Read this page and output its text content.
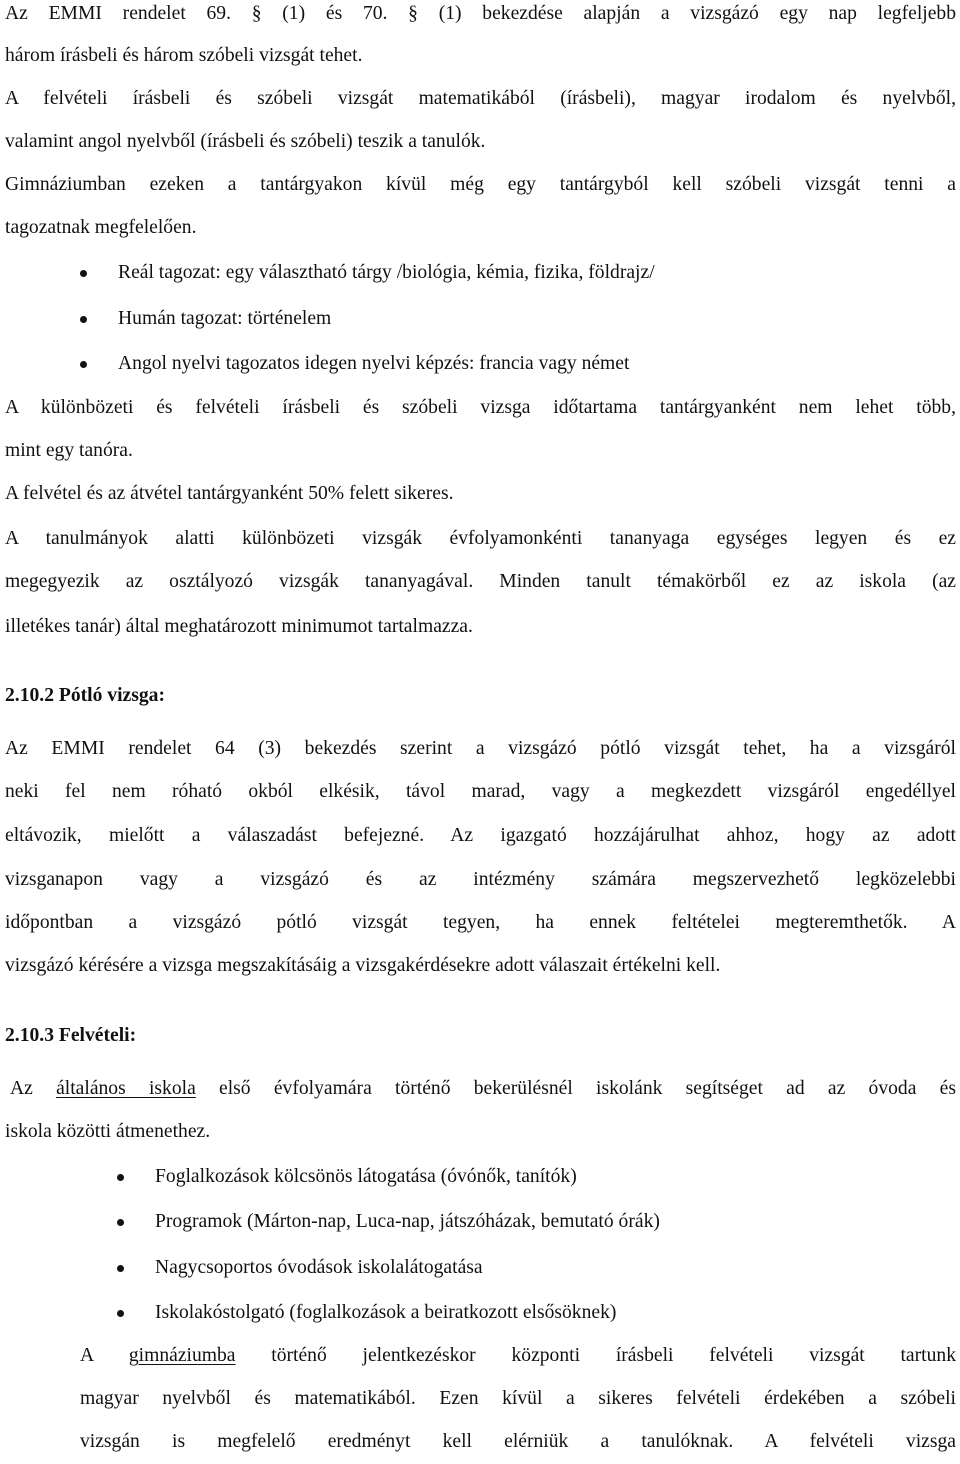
Az EMMI rendelet 69. § (1) és 70. § (1) bekezdése alapján a vizsgázó egy nap legfeljebb
három írásbeli és három szóbeli vizsgát tehet.
A felvételi írásbeli és szóbeli vizsgát matematikából (írásbeli), magyar irodalom és nyelvből,
valamint angol nyelvből (írásbeli és szóbeli) teszik a tanulók.
Gimnáziumban ezeken a tantárgyakon kívül még egy tantárgyból kell szóbeli vizsgát tenni a
tagozatnak megfelelően.
Reál tagozat: egy választható tárgy /biológia, kémia, fizika, földrajz/
Humán tagozat: történelem
Angol nyelvi tagozatos idegen nyelvi képzés: francia vagy német
A különbözeti és felvételi írásbeli és szóbeli vizsga időtartama tantárgyanként nem lehet több,
mint egy tanóra.
A felvétel és az átvétel tantárgyanként 50% felett sikeres.
A tanulmányok alatti különbözeti vizsgák évfolyamonkénti tananyaga egységes legyen és ez
megegyezik az osztályozó vizsgák tananyagával. Minden tanult témakörből ez az iskola (az
illetékes tanár) által meghatározott minimumot tartalmazza.
2.10.2 Pótló vizsga:
Az EMMI rendelet 64 (3) bekezdés szerint a vizsgázó pótló vizsgát tehet, ha a vizsgáról
neki fel nem róható okból elkésik, távol marad, vagy a megkezdett vizsgáról engedéllyel
eltávozik, mielőtt a válaszadást befejezné. Az igazgató hozzájárulhat ahhoz, hogy az adott
vizsganapon vagy a vizsgázó és az intézmény számára megszervezhető legközelebbi
időpontban a vizsgázó pótló vizsgát tegyen, ha ennek feltételei megteremthetők. A
vizsgázó kérésére a vizsga megszakításáig a vizsgakérdésekre adott válaszait értékelni kell.
2.10.3 Felvételi:
Az általános iskola első évfolyamára történő bekerülésnél iskolánk segítséget ad az óvoda és
iskola közötti átmenethez.
Foglalkozások kölcsönös látogatása (óvónők, tanítók)
Programok (Márton-nap, Luca-nap, játszóházak, bemutató órák)
Nagycsoportos óvodások iskolalátogatása
Iskolakóstolgató (foglalkozások a beiratkozott elsősöknek)
A gimnáziumba történő jelentkezéskor központi írásbeli felvételi vizsgát tartunk
magyar nyelvből és matematikából. Ezen kívül a sikeres felvételi érdekében a szóbeli
vizsgán is megfelelő eredményt kell elérniük a tanulóknak. A felvételi vizsga
